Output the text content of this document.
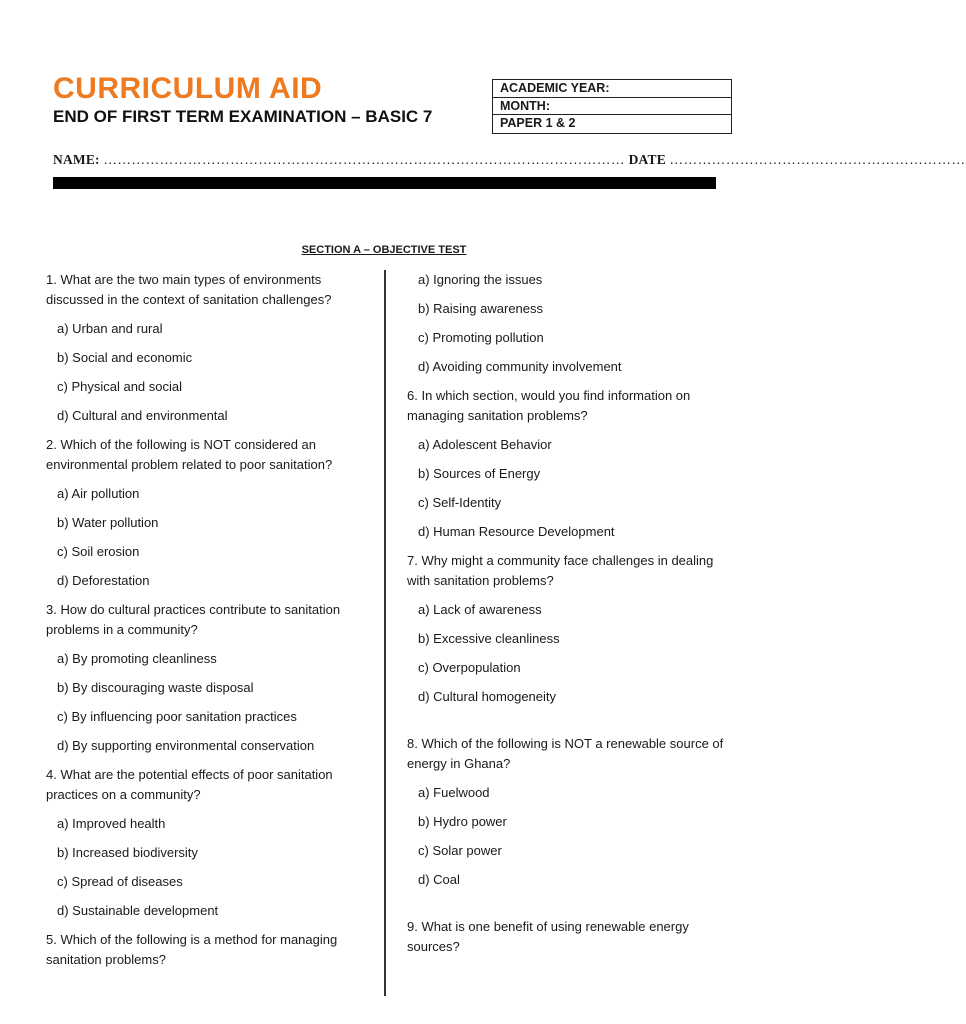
CURRICULUM AID
END OF FIRST TERM EXAMINATION – BASIC 7
ACADEMIC YEAR:
MONTH:
PAPER 1 & 2
NAME: ………………………………………………………………………………………………… DATE ………………………………………………………
SECTION A – OBJECTIVE TEST

1. What are the two main types of environments discussed in the context of sanitation challenges?

a) Urban and rural
b) Social and economic
c) Physical and social
d) Cultural and environmental

2. Which of the following is NOT considered an environmental problem related to poor sanitation?

a) Air pollution
b) Water pollution
c) Soil erosion
d) Deforestation

3. How do cultural practices contribute to sanitation problems in a community?

a) By promoting cleanliness
b) By discouraging waste disposal
c) By influencing poor sanitation practices
d) By supporting environmental conservation

4. What are the potential effects of poor sanitation practices on a community?

a) Improved health
b) Increased biodiversity
c) Spread of diseases
d) Sustainable development

5. Which of the following is a method for managing sanitation problems?

a) Ignoring the issues
b) Raising awareness
c) Promoting pollution
d) Avoiding community involvement

6. In which section, would you find information on managing sanitation problems?

a) Adolescent Behavior
b) Sources of Energy
c) Self-Identity
d) Human Resource Development

7. Why might a community face challenges in dealing with sanitation problems?

a) Lack of awareness
b) Excessive cleanliness
c) Overpopulation
d) Cultural homogeneity

8. Which of the following is NOT a renewable source of energy in Ghana?

a) Fuelwood
b) Hydro power
c) Solar power
d) Coal

9. What is one benefit of using renewable energy sources?
